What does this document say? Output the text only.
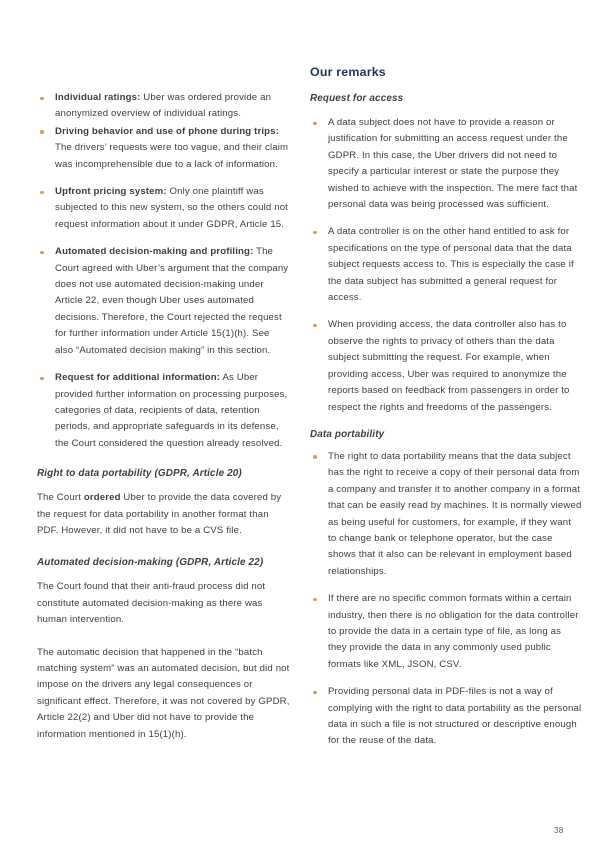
Individual ratings: Uber was ordered provide an anonymized overview of individual ratings.
Driving behavior and use of phone during trips: The drivers’ requests were too vague, and their claim was incomprehensible due to a lack of information.
Upfront pricing system: Only one plaintiff was subjected to this new system, so the others could not request information about it under GDPR, Article 15.
Automated decision-making and profiling: The Court agreed with Uber’s argument that the company does not use automated decision-making under Article 22, even though Uber uses automated decisions. Therefore, the Court rejected the request for further information under Article 15(1)(h). See also “Automated decision making” in this section.
Request for additional information: As Uber provided further information on processing purposes, categories of data, recipients of data, retention periods, and appropriate safeguards in its defense, the Court considered the question already resolved.
Right to data portability (GDPR, Article 20)

The Court ordered Uber to provide the data covered by the request for data portability in another format than PDF. However, it did not have to be a CVS file.

Automated decision-making (GDPR, Article 22)

The Court found that their anti-fraud process did not constitute automated decision-making as there was human intervention.

The automatic decision that happened in the “batch matching system” was an automated decision, but did not impose on the drivers any legal consequences or significant effect. Therefore, it was not covered by GPDR, Article 22(2) and Uber did not have to provide the information mentioned in 15(1)(h).

Our remarks
Request for access
A data subject does not have to provide a reason or justification for submitting an access request under the GDPR. In this case, the Uber drivers did not need to specify a particular interest or state the purpose they wished to achieve with the inspection. The mere fact that personal data was being processed was sufficient.
A data controller is on the other hand entitled to ask for specifications on the type of personal data that the data subject requests access to. This is especially the case if the data subject has submitted a general request for access.
When providing access, the data controller also has to observe the rights to privacy of others than the data subject submitting the request. For example, when providing access, Uber was required to anonymize the reports based on feedback from passengers in order to respect the rights and freedoms of the passengers.
Data portability
The right to data portability means that the data subject has the right to receive a copy of their personal data from a company and transfer it to another company in a format that can be easily read by machines. It is normally viewed as being useful for customers, for example, if they want to change bank or telephone operator, but the case shows that it also can be relevant in employment based relationships.
If there are no specific common formats within a certain industry, then there is no obligation for the data controller to provide the data in a certain type of file, as long as they provide the data in any commonly used public formats like XML, JSON, CSV.
Providing personal data in PDF-files is not a way of complying with the right to data portability as the personal data in such a file is not structured or descriptive enough for the reuse of the data.
38
